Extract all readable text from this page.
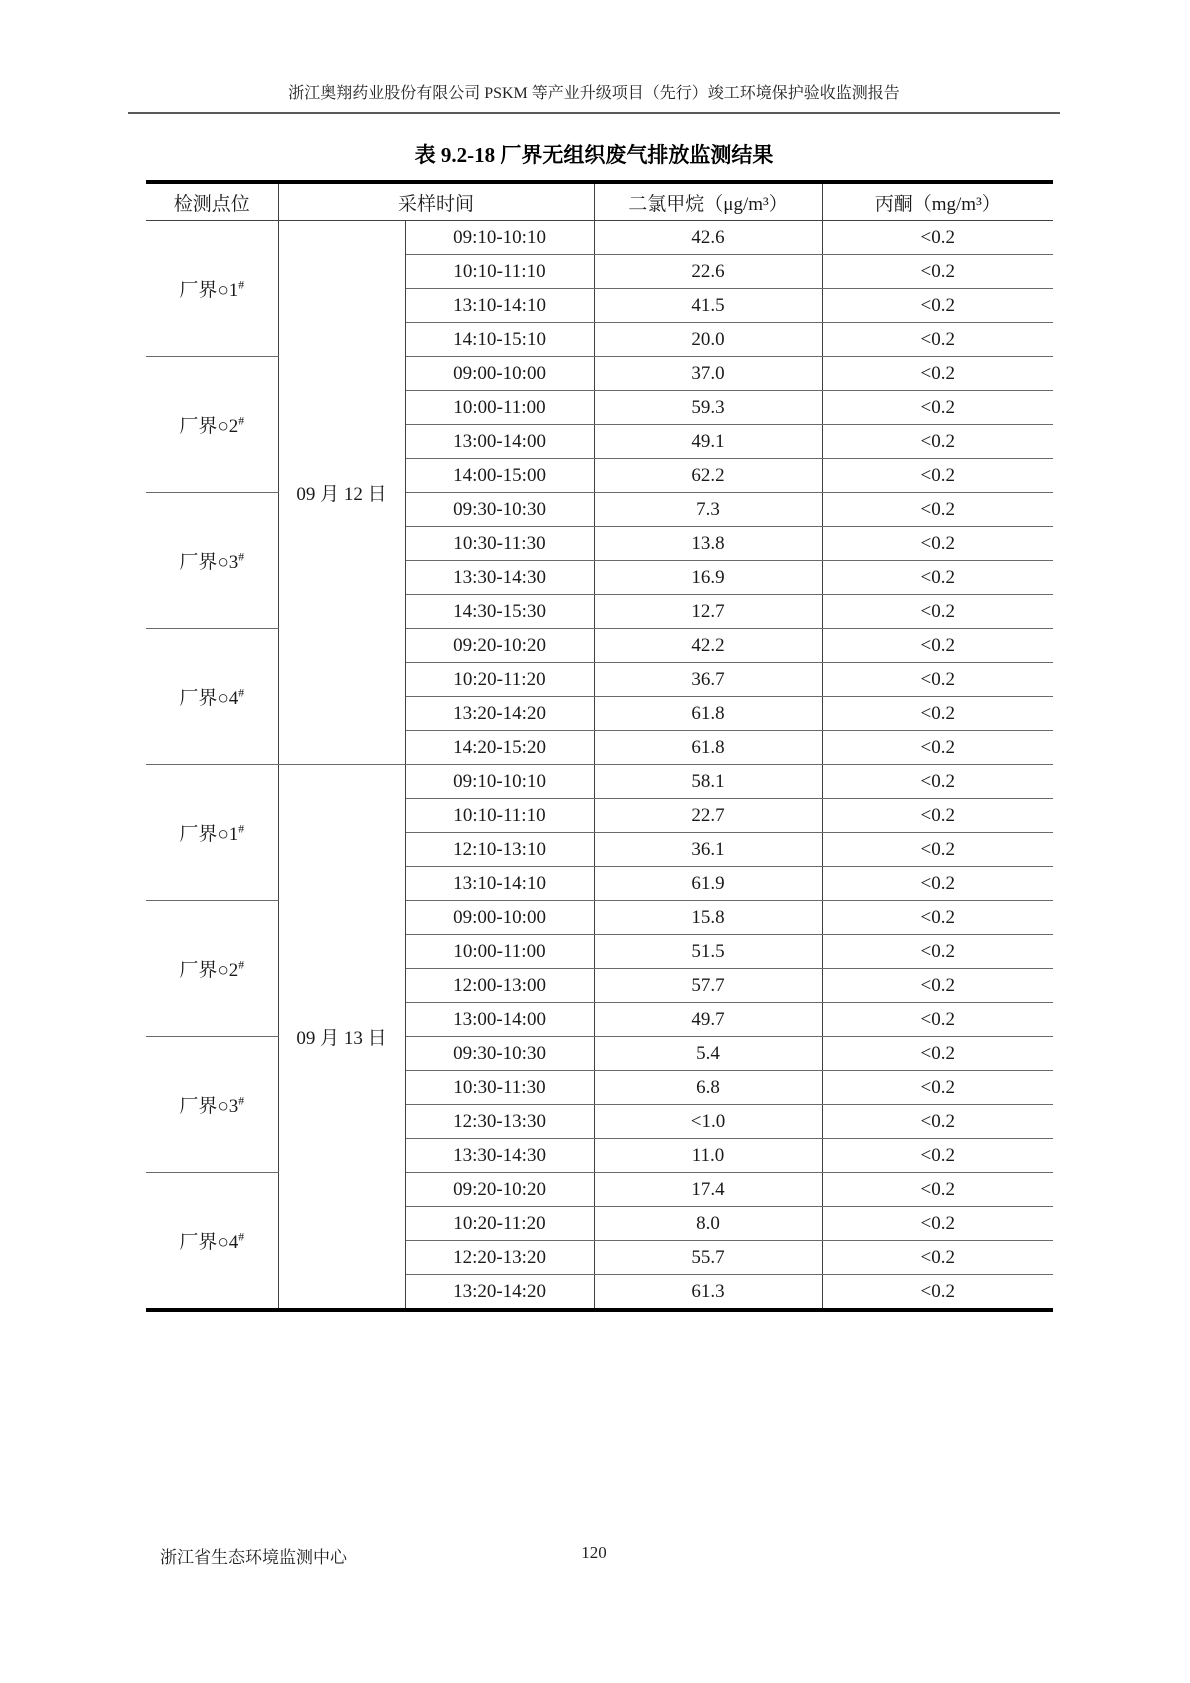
浙江奥翔药业股份有限公司 PSKM 等产业升级项目（先行）竣工环境保护验收监测报告
表 9.2-18 厂界无组织废气排放监测结果
检测点位	采样时间		二氯甲烷（μg/m³）	丙酮（mg/m³）
厂界○1#	09 月 12 日	09:10-10:10	42.6	<0.2
		10:10-11:10	22.6	<0.2
		13:10-14:10	41.5	<0.2
		14:10-15:10	20.0	<0.2
厂界○2#		09:00-10:00	37.0	<0.2
		10:00-11:00	59.3	<0.2
		13:00-14:00	49.1	<0.2
		14:00-15:00	62.2	<0.2
厂界○3#		09:30-10:30	7.3	<0.2
		10:30-11:30	13.8	<0.2
		13:30-14:30	16.9	<0.2
		14:30-15:30	12.7	<0.2
厂界○4#		09:20-10:20	42.2	<0.2
		10:20-11:20	36.7	<0.2
		13:20-14:20	61.8	<0.2
		14:20-15:20	61.8	<0.2
厂界○1#	09 月 13 日	09:10-10:10	58.1	<0.2
		10:10-11:10	22.7	<0.2
		12:10-13:10	36.1	<0.2
		13:10-14:10	61.9	<0.2
厂界○2#		09:00-10:00	15.8	<0.2
		10:00-11:00	51.5	<0.2
		12:00-13:00	57.7	<0.2
		13:00-14:00	49.7	<0.2
厂界○3#		09:30-10:30	5.4	<0.2
		10:30-11:30	6.8	<0.2
		12:30-13:30	<1.0	<0.2
		13:30-14:30	11.0	<0.2
厂界○4#		09:20-10:20	17.4	<0.2
		10:20-11:20	8.0	<0.2
		12:20-13:20	55.7	<0.2
		13:20-14:20	61.3	<0.2
浙江省生态环境监测中心	120
